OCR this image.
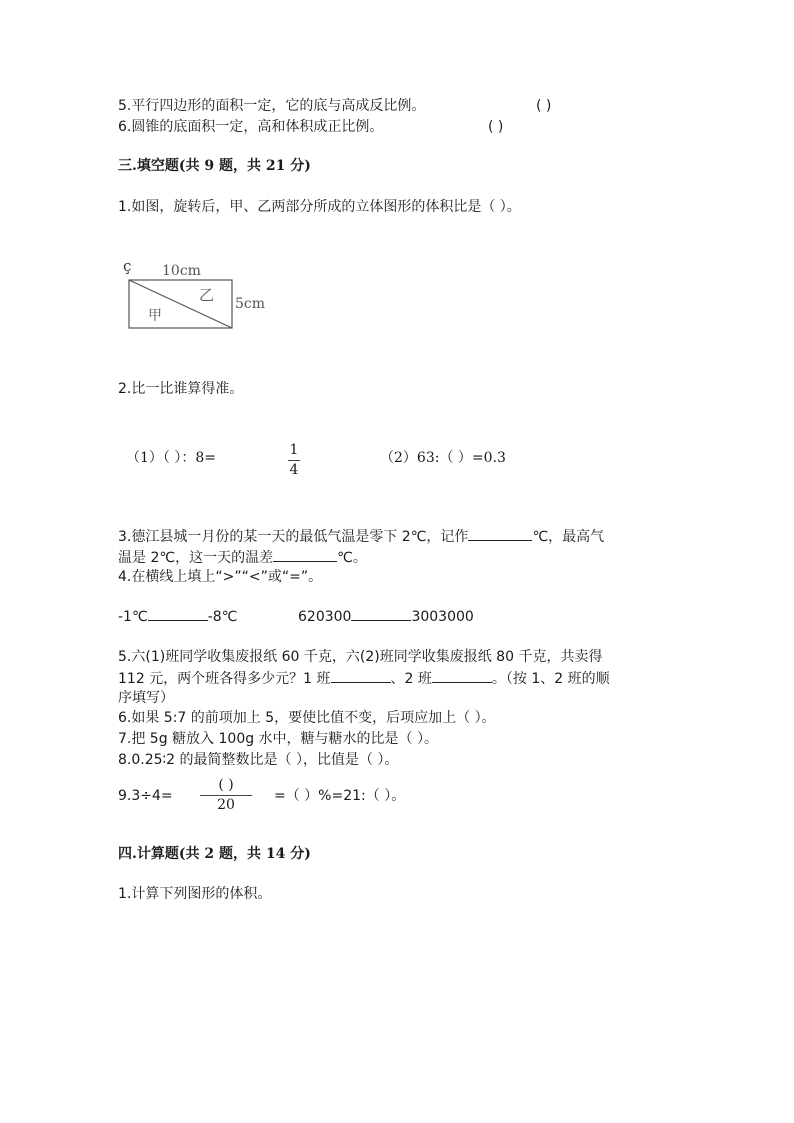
5.平行四边形的面积一定，它的底与高成反比例。	( )
6.圆锥的底面积一定，高和体积成正比例。	( )
三.填空题(共 9 题，共 21 分)
1.如图，旋转后，甲、乙两部分所成的立体图形的体积比是（ ）。
ç 10cm
5cm
甲
乙
2.比一比谁算得准。
（1）（ ）：8=	1
4
（2）63:（ ）=0.3
3.德江县城一月份的某一天的最低气温是零下 2℃，记作	℃，最高气
温是 2℃，这一天的温差	℃。
4.在横线上填上“>”“<”或“=”。
-1℃	-8℃	620300	3003000
5.六(1)班同学收集废报纸 60 千克，六(2)班同学收集废报纸 80 千克，共卖得
112 元，两个班各得多少元？1 班	、2 班	。（按 1、2 班的顺
序填写）
6.如果 5:7 的前项加上 5，要使比值不变，后项应加上（ ）。
7.把 5g 糖放入 100g 水中，糖与糖水的比是（ ）。
8.0.25∶2 的最简整数比是（ ），比值是（ ）。
9.3÷4=
( )
20
=（ ）%=21:（ ）。
四.计算题(共 2 题，共 14 分)
1.计算下列图形的体积。
